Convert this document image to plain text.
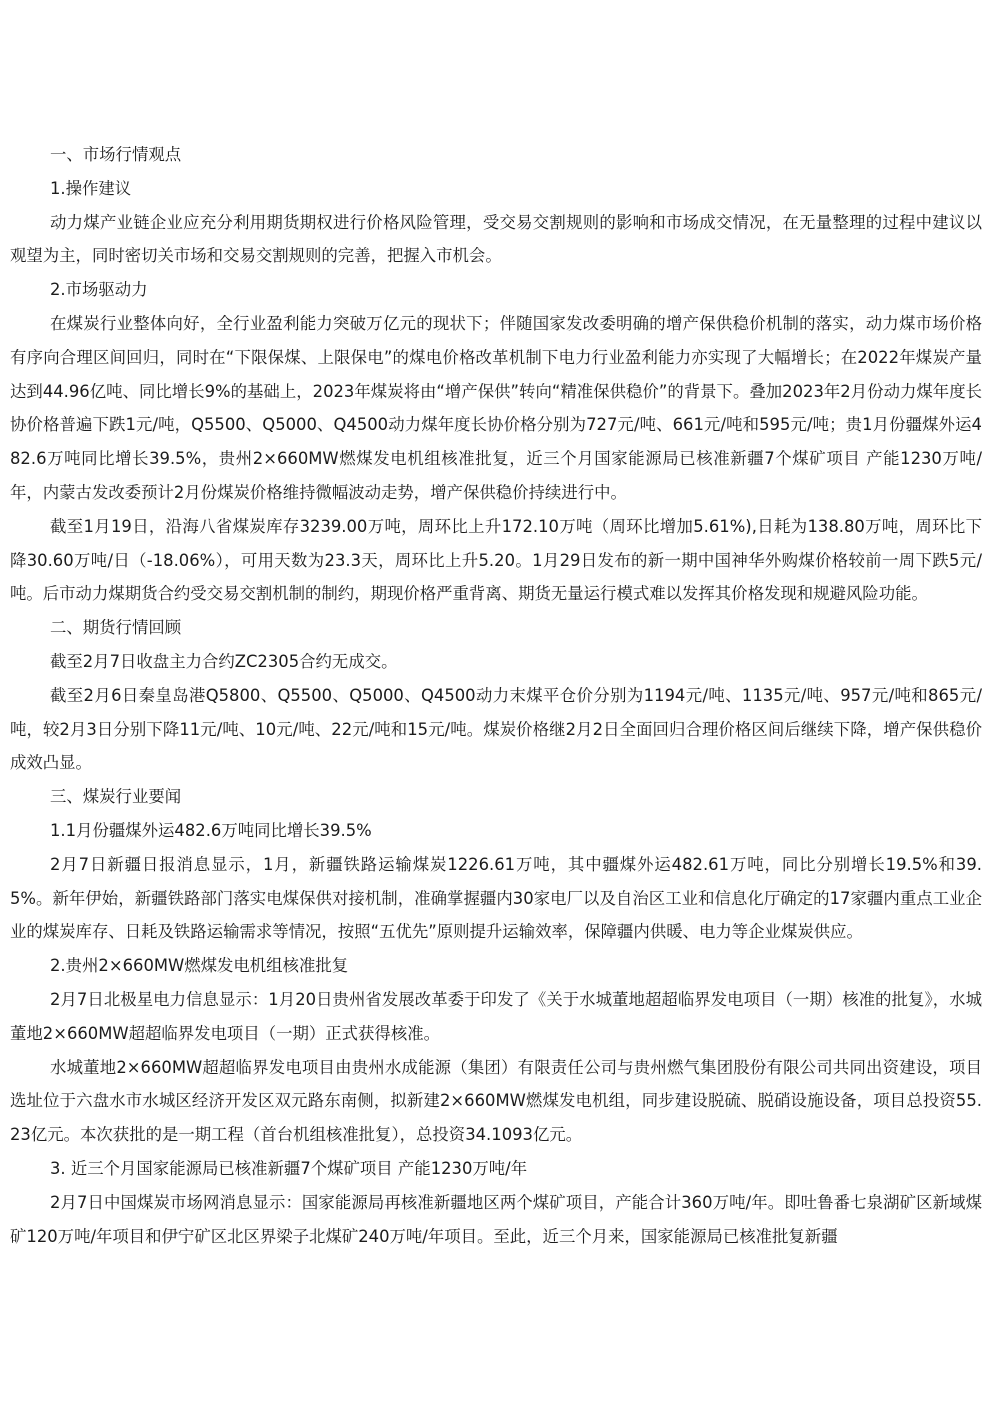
一、市场行情观点

1.操作建议

动力煤产业链企业应充分利用期货期权进行价格风险管理，受交易交割规则的影响和市场成交情况，在无量整理的过程中建议以观望为主，同时密切关市场和交易交割规则的完善，把握入市机会。

2.市场驱动力

在煤炭行业整体向好，全行业盈利能力突破万亿元的现状下；伴随国家发改委明确的增产保供稳价机制的落实，动力煤市场价格有序向合理区间回归，同时在“下限保煤、上限保电”的煤电价格改革机制下电力行业盈利能力亦实现了大幅增长；在2022年煤炭产量达到44.96亿吨、同比增长9%的基础上，2023年煤炭将由“增产保供”转向“精准保供稳价”的背景下。叠加2023年2月份动力煤年度长协价格普遍下跌1元/吨，Q5500、Q5000、Q4500动力煤年度长协价格分别为727元/吨、661元/吨和595元/吨；贵1月份疆煤外运482.6万吨同比增长39.5%，贵州2×660MW燃煤发电机组核准批复，近三个月国家能源局已核准新疆7个煤矿项目 产能1230万吨/年，内蒙古发改委预计2月份煤炭价格维持微幅波动走势，增产保供稳价持续进行中。

截至1月19日，沿海八省煤炭库存3239.00万吨，周环比上升172.10万吨（周环比增加5.61%),日耗为138.80万吨，周环比下降30.60万吨/日（-18.06%），可用天数为23.3天，周环比上升5.20。1月29日发布的新一期中国神华外购煤价格较前一周下跌5元/吨。后市动力煤期货合约受交易交割机制的制约，期现价格严重背离、期货无量运行模式难以发挥其价格发现和规避风险功能。

二、期货行情回顾

截至2月7日收盘主力合约ZC2305合约无成交。

截至2月6日秦皇岛港Q5800、Q5500、Q5000、Q4500动力末煤平仓价分别为1194元/吨、1135元/吨、957元/吨和865元/吨，较2月3日分别下降11元/吨、10元/吨、22元/吨和15元/吨。煤炭价格继2月2日全面回归合理价格区间后继续下降，增产保供稳价成效凸显。

三、煤炭行业要闻

1.1月份疆煤外运482.6万吨同比增长39.5%

2月7日新疆日报消息显示，1月，新疆铁路运输煤炭1226.61万吨，其中疆煤外运482.61万吨，同比分别增长19.5%和39.5%。新年伊始，新疆铁路部门落实电煤保供对接机制，准确掌握疆内30家电厂以及自治区工业和信息化厅确定的17家疆内重点工业企业的煤炭库存、日耗及铁路运输需求等情况，按照“五优先”原则提升运输效率，保障疆内供暖、电力等企业煤炭供应。

2.贵州2×660MW燃煤发电机组核准批复

2月7日北极星电力信息显示：1月20日贵州省发展改革委于印发了《关于水城董地超超临界发电项目（一期）核准的批复》，水城董地2×660MW超超临界发电项目（一期）正式获得核准。

水城董地2×660MW超超临界发电项目由贵州水成能源（集团）有限责任公司与贵州燃气集团股份有限公司共同出资建设，项目选址位于六盘水市水城区经济开发区双元路东南侧，拟新建2×660MW燃煤发电机组，同步建设脱硫、脱硝设施设备，项目总投资55.23亿元。本次获批的是一期工程（首台机组核准批复），总投资34.1093亿元。

3. 近三个月国家能源局已核准新疆7个煤矿项目 产能1230万吨/年

2月7日中国煤炭市场网消息显示：国家能源局再核准新疆地区两个煤矿项目，产能合计360万吨/年。即吐鲁番七泉湖矿区新域煤矿120万吨/年项目和伊宁矿区北区界梁子北煤矿240万吨/年项目。至此，近三个月来，国家能源局已核准批复新疆
